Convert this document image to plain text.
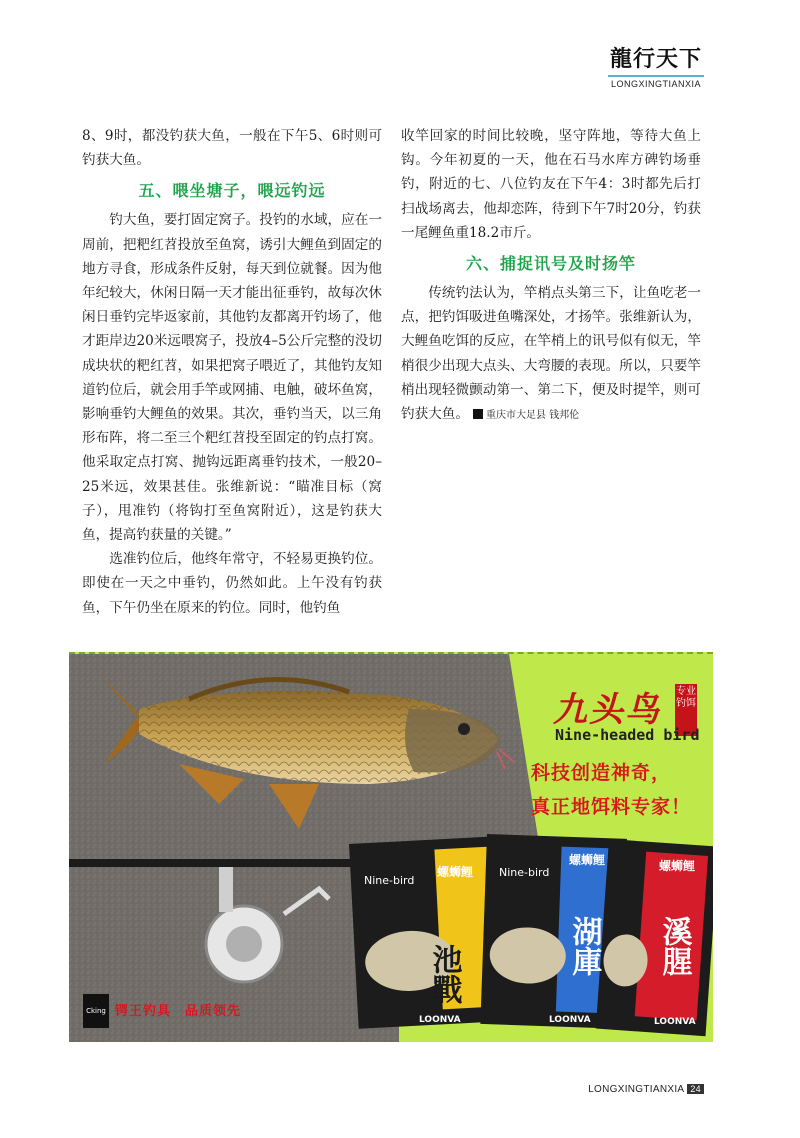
龍行天下
LONGXINGTIANXIA

8、9时，都没钓获大鱼，一般在下午5、6时则可钓获大鱼。

五、喂坐塘子，喂远钓远

钓大鱼，要打固定窝子。投钓的水域，应在一周前，把粑红苕投放至鱼窝，诱引大鲤鱼到固定的地方寻食，形成条件反射，每天到位就餐。因为他年纪较大，休闲日隔一天才能出征垂钓，故每次休闲日垂钓完毕返家前，其他钓友都离开钓场了，他才距岸边20米远喂窝子，投放4–5公斤完整的没切成块状的粑红苕，如果把窝子喂近了，其他钓友知道钓位后，就会用手竿或网捕、电触，破坏鱼窝，影响垂钓大鲤鱼的效果。其次，垂钓当天，以三角形布阵，将二至三个粑红苕投至固定的钓点打窝。他采取定点打窝、抛钩远距离垂钓技术，一般20–25米远，效果甚佳。张维新说：“瞄准目标（窝子），甩准钓（将钩打至鱼窝附近），这是钓获大鱼，提高钓获量的关键。”

选准钓位后，他终年常守，不轻易更换钓位。即使在一天之中垂钓，仍然如此。上午没有钓获鱼，下午仍坐在原来的钓位。同时，他钓鱼

收竿回家的时间比较晚，坚守阵地，等待大鱼上钩。今年初夏的一天，他在石马水库方碑钓场垂钓，附近的七、八位钓友在下午4：3时都先后打扫战场离去，他却恋阵，待到下午7时20分，钓获一尾鲤鱼重18.2市斤。

六、捕捉讯号及时扬竿

传统钓法认为，竿梢点头第三下，让鱼吃老一点，把钓饵吸进鱼嘴深处，才扬竿。张维新认为，大鲤鱼吃饵的反应，在竿梢上的讯号似有似无，竿梢很少出现大点头、大弯腰的表现。所以，只要竿梢出现轻微颤动第一、第二下，便及时提竿，则可钓获大鱼。 重庆市大足县 钱邦伦

Nine-bird
螺蛳鲤
池戰
Nine-bird
螺蛳鲤
湖庫
螺蛳鲤
溪腥
LOONVA	LOONVA	LOONVA
九头鸟 专业钓饵
Nine-headed bird
科技创造神奇，
真正地饵料专家！
Cking 锷王钓具　品质领先
LONGXINGTIANXIA 24
